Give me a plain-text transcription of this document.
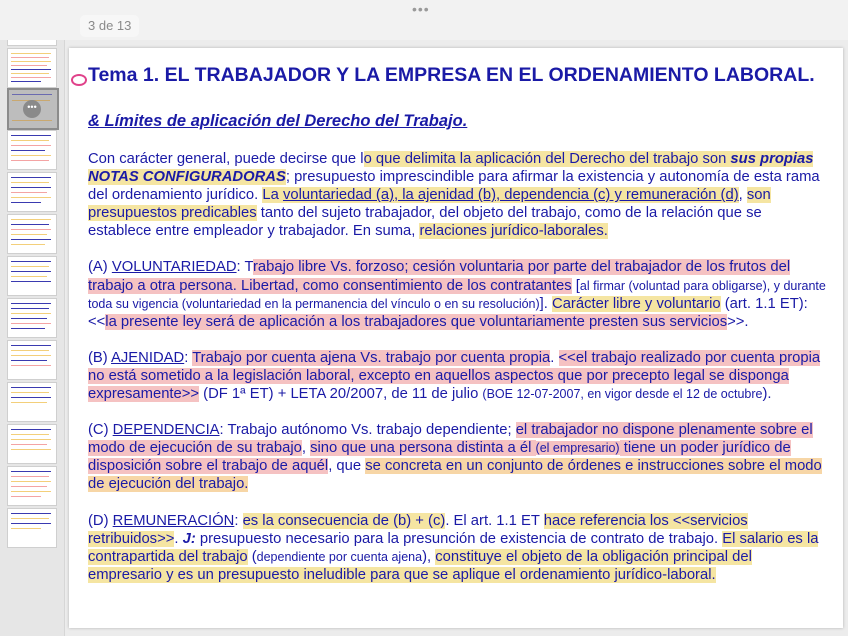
•••
3 de 13
•••
Tema 1. EL TRABAJADOR Y LA EMPRESA EN EL ORDENAMIENTO LABORAL.
& Límites de aplicación del Derecho del Trabajo.

Con carácter general, puede decirse que lo que delimita la aplicación del Derecho del trabajo son sus propias NOTAS CONFIGURADORAS; presupuesto imprescindible para afirmar la existencia y autonomía de esta rama del ordenamiento jurídico. La voluntariedad (a), la ajenidad (b), dependencia (c) y remuneración (d), son presupuestos predicables tanto del sujeto trabajador, del objeto del trabajo, como de la relación que se establece entre empleador y trabajador. En suma, relaciones jurídico-laborales.

(A) VOLUNTARIEDAD: Trabajo libre Vs. forzoso; cesión voluntaria por parte del trabajador de los frutos del trabajo a otra persona. Libertad, como consentimiento de los contratantes [al firmar (voluntad para obligarse), y durante toda su vigencia (voluntariedad en la permanencia del vínculo o en su resolución)]. Carácter libre y voluntario (art. 1.1 ET): <<la presente ley será de aplicación a los trabajadores que voluntariamente presten sus servicios>>.

(B) AJENIDAD: Trabajo por cuenta ajena Vs. trabajo por cuenta propia. <<el trabajo realizado por cuenta propia no está sometido a la legislación laboral, excepto en aquellos aspectos que por precepto legal se disponga expresamente>> (DF 1ª ET) + LETA 20/2007, de 11 de julio (BOE 12-07-2007, en vigor desde el 12 de octubre).

(C) DEPENDENCIA: Trabajo autónomo Vs. trabajo dependiente; el trabajador no dispone plenamente sobre el modo de ejecución de su trabajo, sino que una persona distinta a él (el empresario) tiene un poder jurídico de disposición sobre el trabajo de aquél, que se concreta en un conjunto de órdenes e instrucciones sobre el modo de ejecución del trabajo.

(D) REMUNERACIÓN: es la consecuencia de (b) + (c). El art. 1.1 ET hace referencia los <<servicios retribuidos>>. J: presupuesto necesario para la presunción de existencia de contrato de trabajo. El salario es la contrapartida del trabajo (dependiente por cuenta ajena), constituye el objeto de la obligación principal del empresario y es un presupuesto ineludible para que se aplique el ordenamiento jurídico-laboral.
